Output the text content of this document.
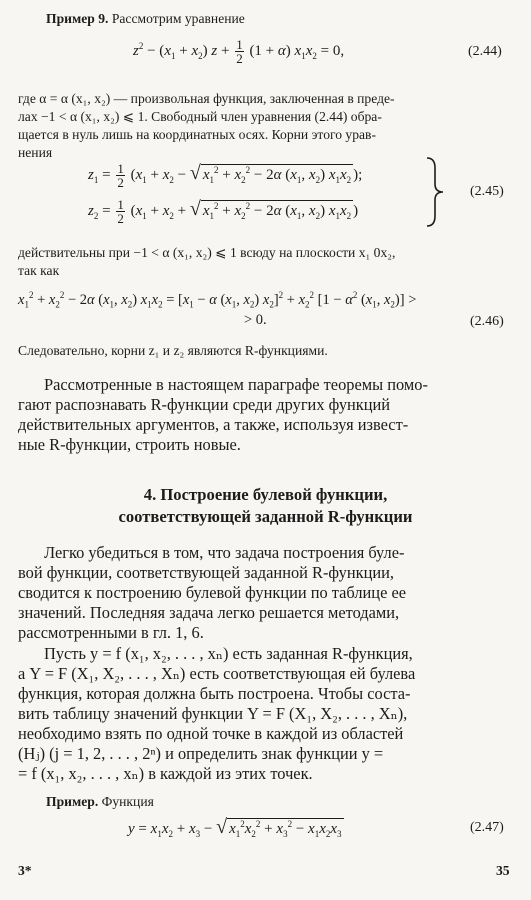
Пример 9. Рассмотрим уравнение
$z^2 - (x_1 + x_2) z + \frac{1}{2} (1 + \alpha) x_1x_2 = 0$,	(2.44)
где α = α (x₁, x₂) — произвольная функция, заключенная в преде-
лах −1 < α (x₁, x₂) ⩽ 1. Свободный член уравнения (2.44) обра-
щается в нуль лишь на координатных осях. Корни этого урав-
нения
$z_1 = \frac{1}{2} (x_1 + x_2$ − √ $x_1^2 + x_2^2 - 2\alpha$ ($x_1$, $x_2$) $x_1x_2$ );
$z_2 = \frac{1}{2} (x_1 + x_2$ + √ $x_1^2 + x_2^2 - 2\alpha$ ($x_1$, $x_2$) $x_1x_2$ )
(2.45)
действительны при −1 < α (x₁, x₂) ⩽ 1 всюду на плоскости x₁ 0x₂,
так как
$x_1^2 + x_2^2 - 2\alpha$ ($x_1$, $x_2$) $x_1x_2 = [x_1 - \alpha$ ($x_1$, $x_2$) $x_2]^2 + x_2^2$ [$1 - \alpha^2$ ($x_1$, $x_2$)] >
> 0.	(2.46)
Следовательно, корни z₁ и z₂ являются R-функциями.
Рассмотренные в настоящем параграфе теоремы помо-
гают распознавать R-функции среди других функций
действительных аргументов, а также, используя извест-
ные R-функции, строить новые.
4. Построение булевой функции,
соответствующей заданной R-функции
Легко убедиться в том, что задача построения буле-
вой функции, соответствующей заданной R-функции,
сводится к построению булевой функции по таблице ее
значений. Последняя задача легко решается методами,
рассмотренными в гл. 1, 6.
Пусть y = f (x₁, x₂, . . . , xₙ) есть заданная R-функция,
а Y = F (X₁, X₂, . . . , Xₙ) есть соответствующая ей булева
функция, которая должна быть построена. Чтобы соста-
вить таблицу значений функции Y = F (X₁, X₂, . . . , Xₙ),
необходимо взять по одной точке в каждой из областей
(Hⱼ) (j = 1, 2, . . . , 2ⁿ) и определить знак функции y =
= f (x₁, x₂, . . . , xₙ) в каждой из этих точек.
Пример. Функция
$y = x_1x_2 + x_3$ − √ $x_1^2x_2^2 + x_3^2 - x_1x_2x_3$	(2.47)
3*	35
